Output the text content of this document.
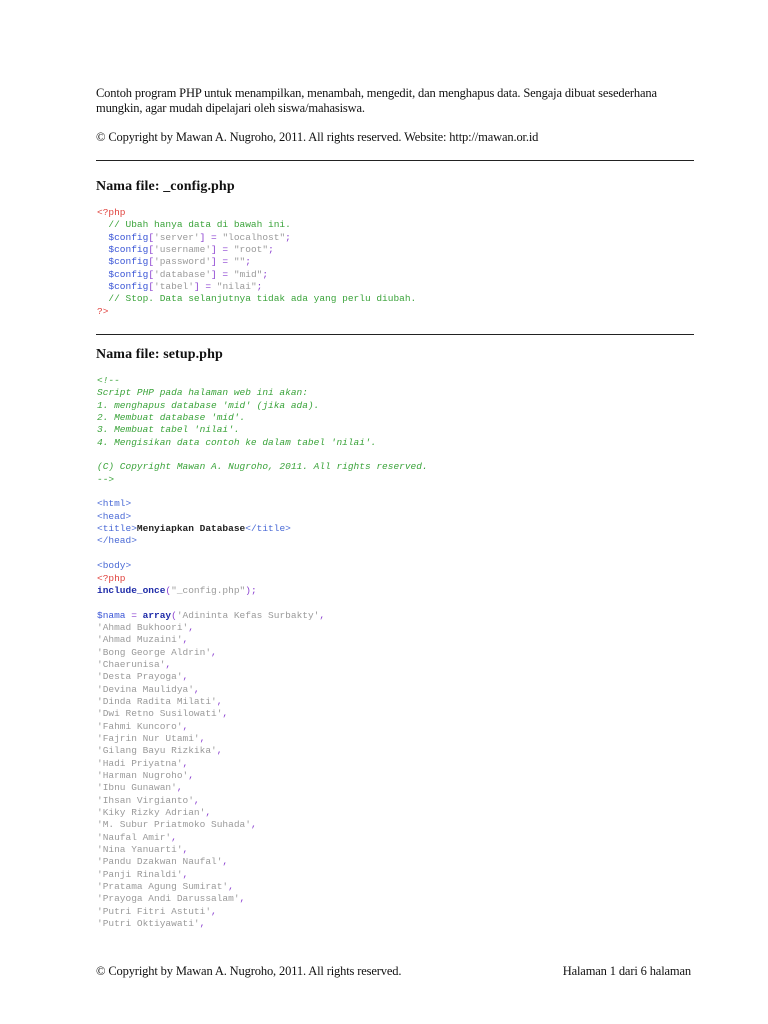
Contoh program PHP untuk menampilkan, menambah, mengedit, dan menghapus data. Sengaja dibuat sesederhana mungkin, agar mudah dipelajari oleh siswa/mahasiswa.
© Copyright by Mawan A. Nugroho, 2011. All rights reserved. Website: http://mawan.or.id
Nama file: _config.php
<?php
// Ubah hanya data di bawah ini.
$config['server'] = "localhost";
$config['username'] = "root";
$config['password'] = "";
$config['database'] = "mid";
$config['tabel'] = "nilai";
// Stop. Data selanjutnya tidak ada yang perlu diubah.
?>
Nama file: setup.php
<!--
Script PHP pada halaman web ini akan:
1. menghapus database 'mid' (jika ada).
2. Membuat database 'mid'.
3. Membuat tabel 'nilai'.
4. Mengisikan data contoh ke dalam tabel 'nilai'.
(C) Copyright Mawan A. Nugroho, 2011. All rights reserved.
-->
<html>
<head>
<title>Menyiapkan Database</title>
</head>
<body>
<?php
include_once("_config.php");
$nama = array('Adininta Kefas Surbakty',
'Ahmad Bukhoori',
'Ahmad Muzaini',
'Bong George Aldrin',
'Chaerunisa',
'Desta Prayoga',
'Devina Maulidya',
'Dinda Radita Milati',
'Dwi Retno Susilowati',
'Fahmi Kuncoro',
'Fajrin Nur Utami',
'Gilang Bayu Rizkika',
'Hadi Priyatna',
'Harman Nugroho',
'Ibnu Gunawan',
'Ihsan Virgianto',
'Kiky Rizky Adrian',
'M. Subur Priatmoko Suhada',
'Naufal Amir',
'Nina Yanuarti',
'Pandu Dzakwan Naufal',
'Panji Rinaldi',
'Pratama Agung Sumirat',
'Prayoga Andi Darussalam',
'Putri Fitri Astuti',
'Putri Oktiyawati',
© Copyright by Mawan A. Nugroho, 2011. All rights reserved.	Halaman 1 dari 6 halaman
